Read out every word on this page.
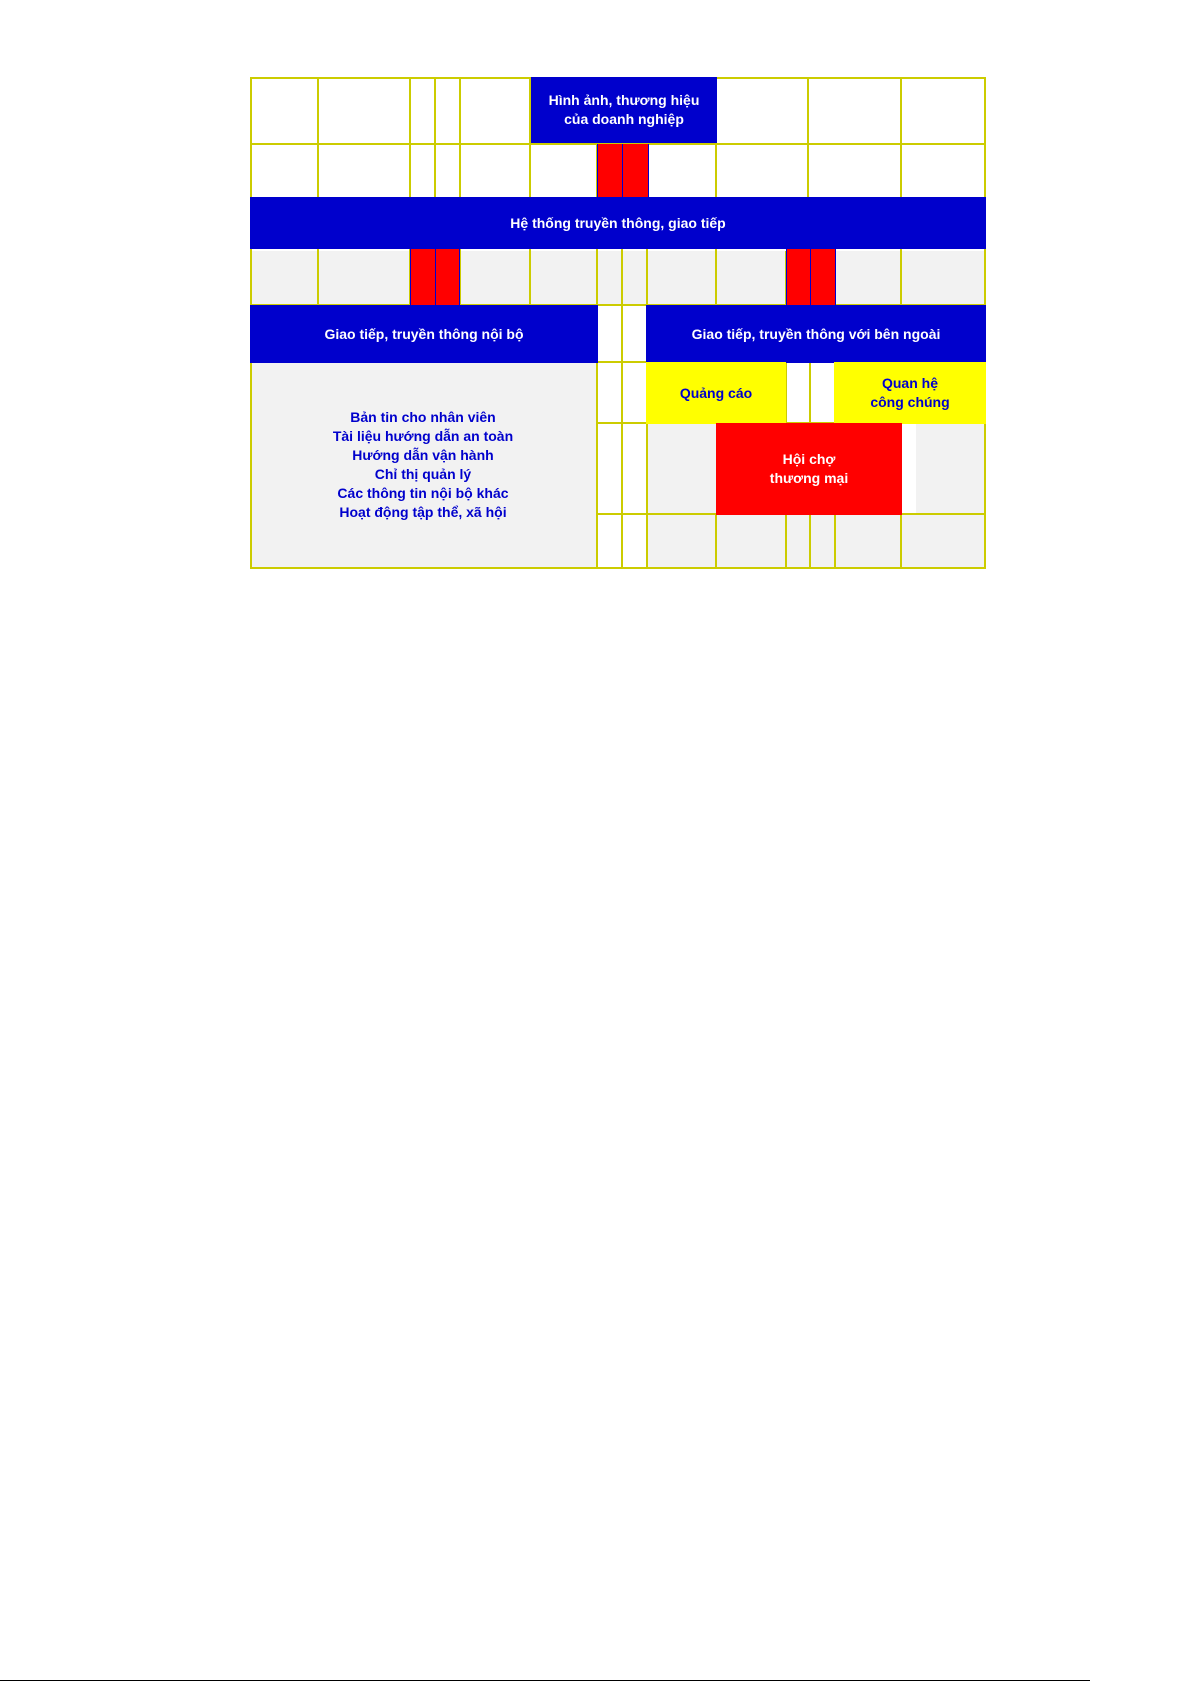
Hình ảnh, thương hiệu
của doanh nghiệp
Hệ thống truyền thông, giao tiếp
Giao tiếp, truyền thông nội bộ	Giao tiếp, truyền thông với bên ngoài
Quảng cáo
Quan hệ
công chúng
Hội chợ
thương mại
Bản tin cho nhân viên
Tài liệu hướng dẫn an toàn
Hướng dẫn vận hành
Chỉ thị quản lý
Các thông tin nội bộ khác
Hoạt động tập thể, xã hội
